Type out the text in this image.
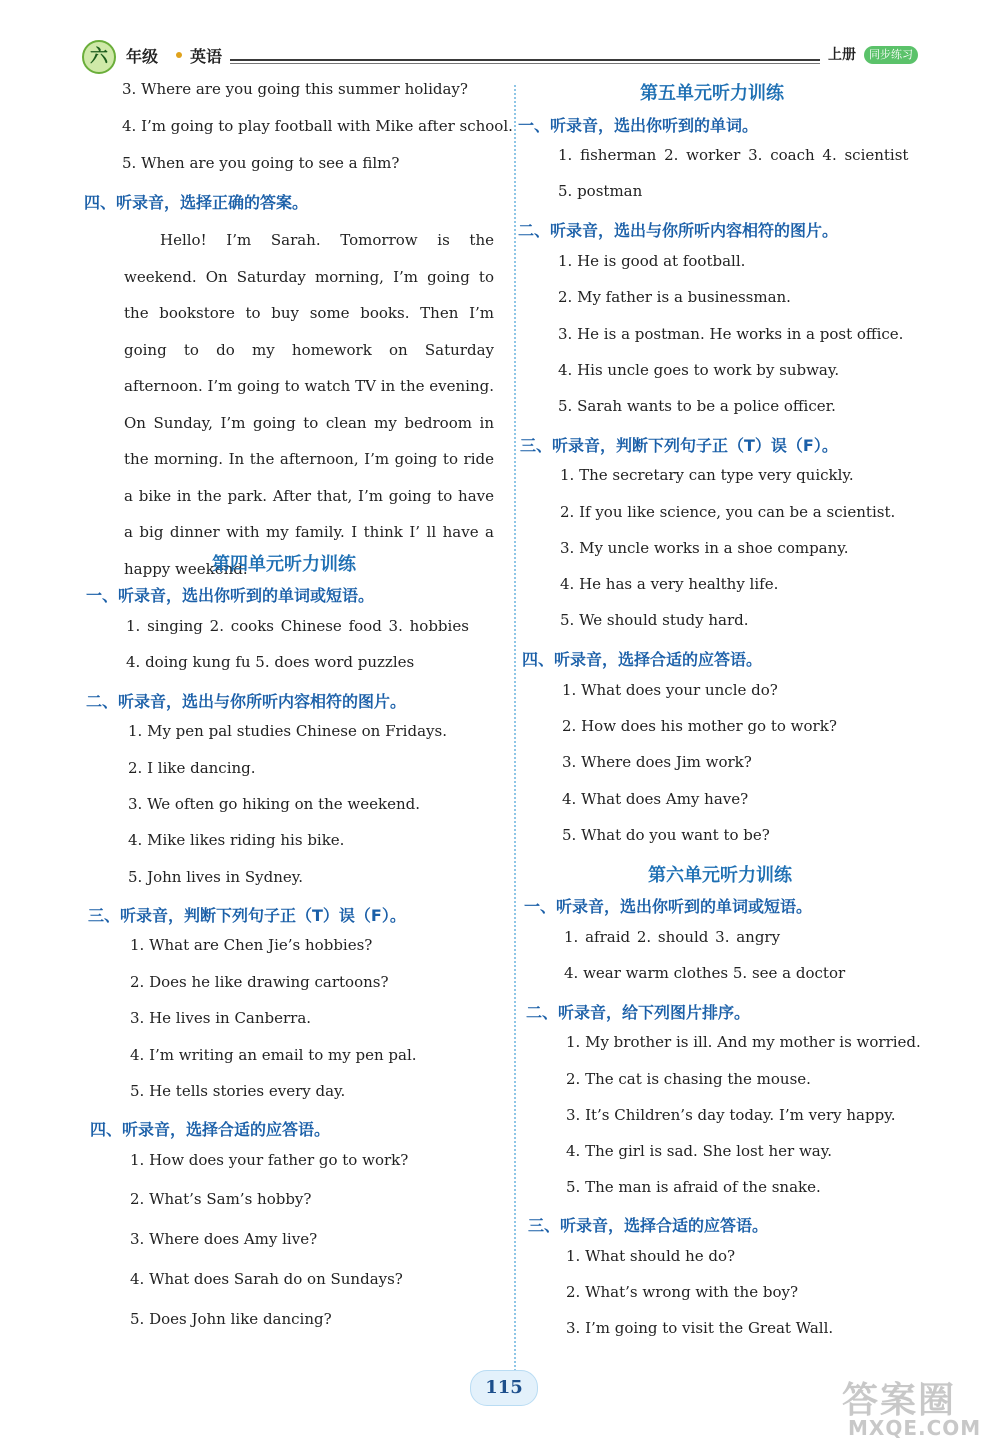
六	年级 英语	上册	同步练习
3. Where are you going this summer holiday?
4. I’m going to play football with Mike after school.
5. When are you going to see a film?
四、听录音，选择正确的答案。
Hello! I’m Sarah. Tomorrow is the weekend. On Saturday morning, I’m going to the bookstore to buy some books. Then I’m going to do my homework on Saturday afternoon. I’m going to watch TV in the evening. On Sunday, I’m going to clean my bedroom in the morning. In the afternoon, I’m going to ride a bike in the park. After that, I’m going to have a big dinner with my family. I think I’ ll have a happy weekend.
第四单元听力训练
一、听录音，选出你听到的单词或短语。
1. singing 2. cooks Chinese food 3. hobbies
4. doing kung fu 5. does word puzzles
二、听录音，选出与你所听内容相符的图片。
1. My pen pal studies Chinese on Fridays.
2. I like dancing.
3. We often go hiking on the weekend.
4. Mike likes riding his bike.
5. John lives in Sydney.
三、听录音，判断下列句子正（T）误（F）。
1. What are Chen Jie’s hobbies?
2. Does he like drawing cartoons?
3. He lives in Canberra.
4. I’m writing an email to my pen pal.
5. He tells stories every day.
四、听录音，选择合适的应答语。
1. How does your father go to work?
2. What’s Sam’s hobby?
3. Where does Amy live?
4. What does Sarah do on Sundays?
5. Does John like dancing?
第五单元听力训练
一、听录音，选出你听到的单词。
1. fisherman 2. worker 3. coach 4. scientist
5. postman
二、听录音，选出与你所听内容相符的图片。
1. He is good at football.
2. My father is a businessman.
3. He is a postman. He works in a post office.
4. His uncle goes to work by subway.
5. Sarah wants to be a police officer.
三、听录音，判断下列句子正（T）误（F）。
1. The secretary can type very quickly.
2. If you like science, you can be a scientist.
3. My uncle works in a shoe company.
4. He has a very healthy life.
5. We should study hard.
四、听录音，选择合适的应答语。
1. What does your uncle do?
2. How does his mother go to work?
3. Where does Jim work?
4. What does Amy have?
5. What do you want to be?
第六单元听力训练
一、听录音，选出你听到的单词或短语。
1. afraid 2. should 3. angry
4. wear warm clothes 5. see a doctor
二、听录音，给下列图片排序。
1. My brother is ill. And my mother is worried.
2. The cat is chasing the mouse.
3. It’s Children’s day today. I’m very happy.
4. The girl is sad. She lost her way.
5. The man is afraid of the snake.
三、听录音，选择合适的应答语。
1. What should he do?
2. What’s wrong with the boy?
3. I’m going to visit the Great Wall.
115	答案圈
MXQE.COM
